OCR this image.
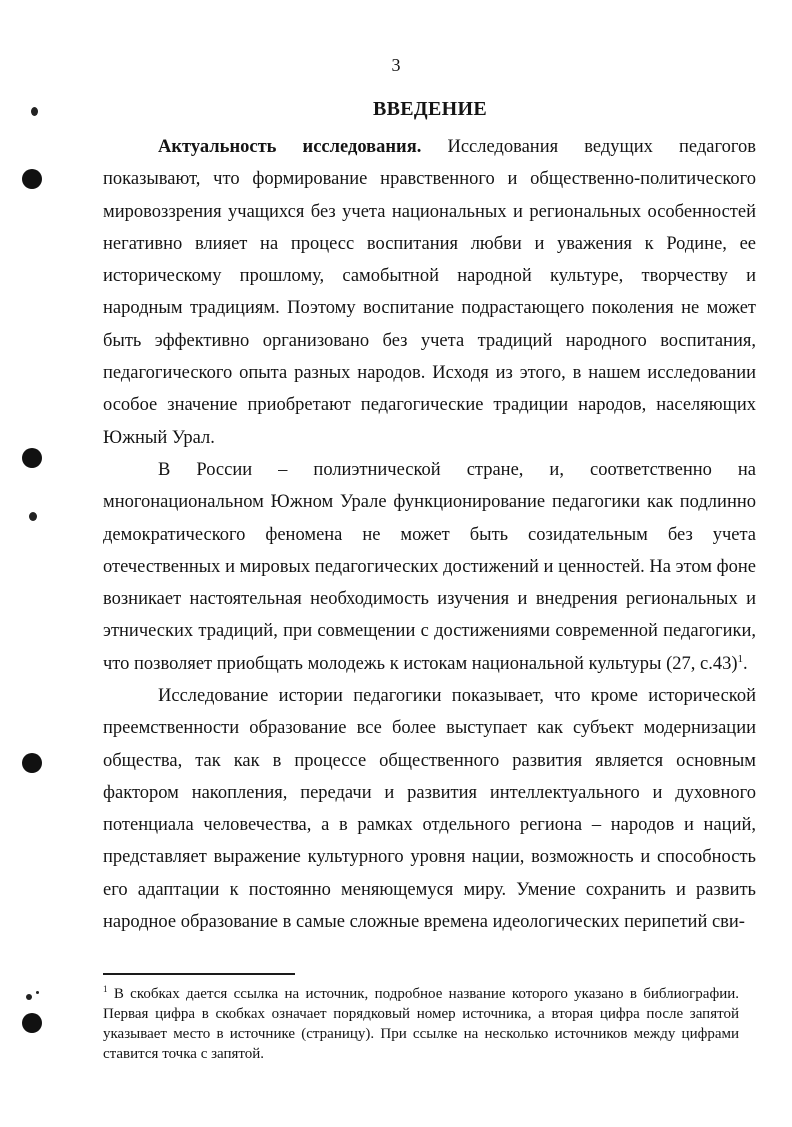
3
ВВЕДЕНИЕ

Актуальность исследования. Исследования ведущих педагогов показывают, что формирование нравственного и общественно-политического мировоззрения учащихся без учета национальных и региональных особенностей негативно влияет на процесс воспитания любви и уважения к Родине, ее историческому прошлому, самобытной народной культуре, творчеству и народным традициям. Поэтому воспитание подрастающего поколения не может быть эффективно организовано без учета традиций народного воспитания, педагогического опыта разных народов. Исходя из этого, в нашем исследовании особое значение приобретают педагогические традиции народов, населяющих Южный Урал.

В России – полиэтнической стране, и, соответственно на многонациональном Южном Урале функционирование педагогики как подлинно демократического феномена не может быть созидательным без учета отечественных и мировых педагогических достижений и ценностей. На этом фоне возникает настоятельная необходимость изучения и внедрения региональных и этнических традиций, при совмещении с достижениями современной педагогики, что позволяет приобщать молодежь к истокам национальной культуры (27, с.43)$^1$.

Исследование истории педагогики показывает, что кроме исторической преемственности образование все более выступает как субъект модернизации общества, так как в процессе общественного развития является основным фактором накопления, передачи и развития интеллектуального и духовного потенциала человечества, а в рамках отдельного региона – народов и наций, представляет выражение культурного уровня нации, возможность и способность его адаптации к постоянно меняющемуся миру. Умение сохранить и развить народное образование в самые сложные времена идеологических перипетий сви-

$^1$ В скобках дается ссылка на источник, подробное название которого указано в библиографии. Первая цифра в скобках означает порядковый номер источника, а вторая цифра после запятой указывает место в источнике (страницу). При ссылке на несколько источников между цифрами ставится точка с запятой.
